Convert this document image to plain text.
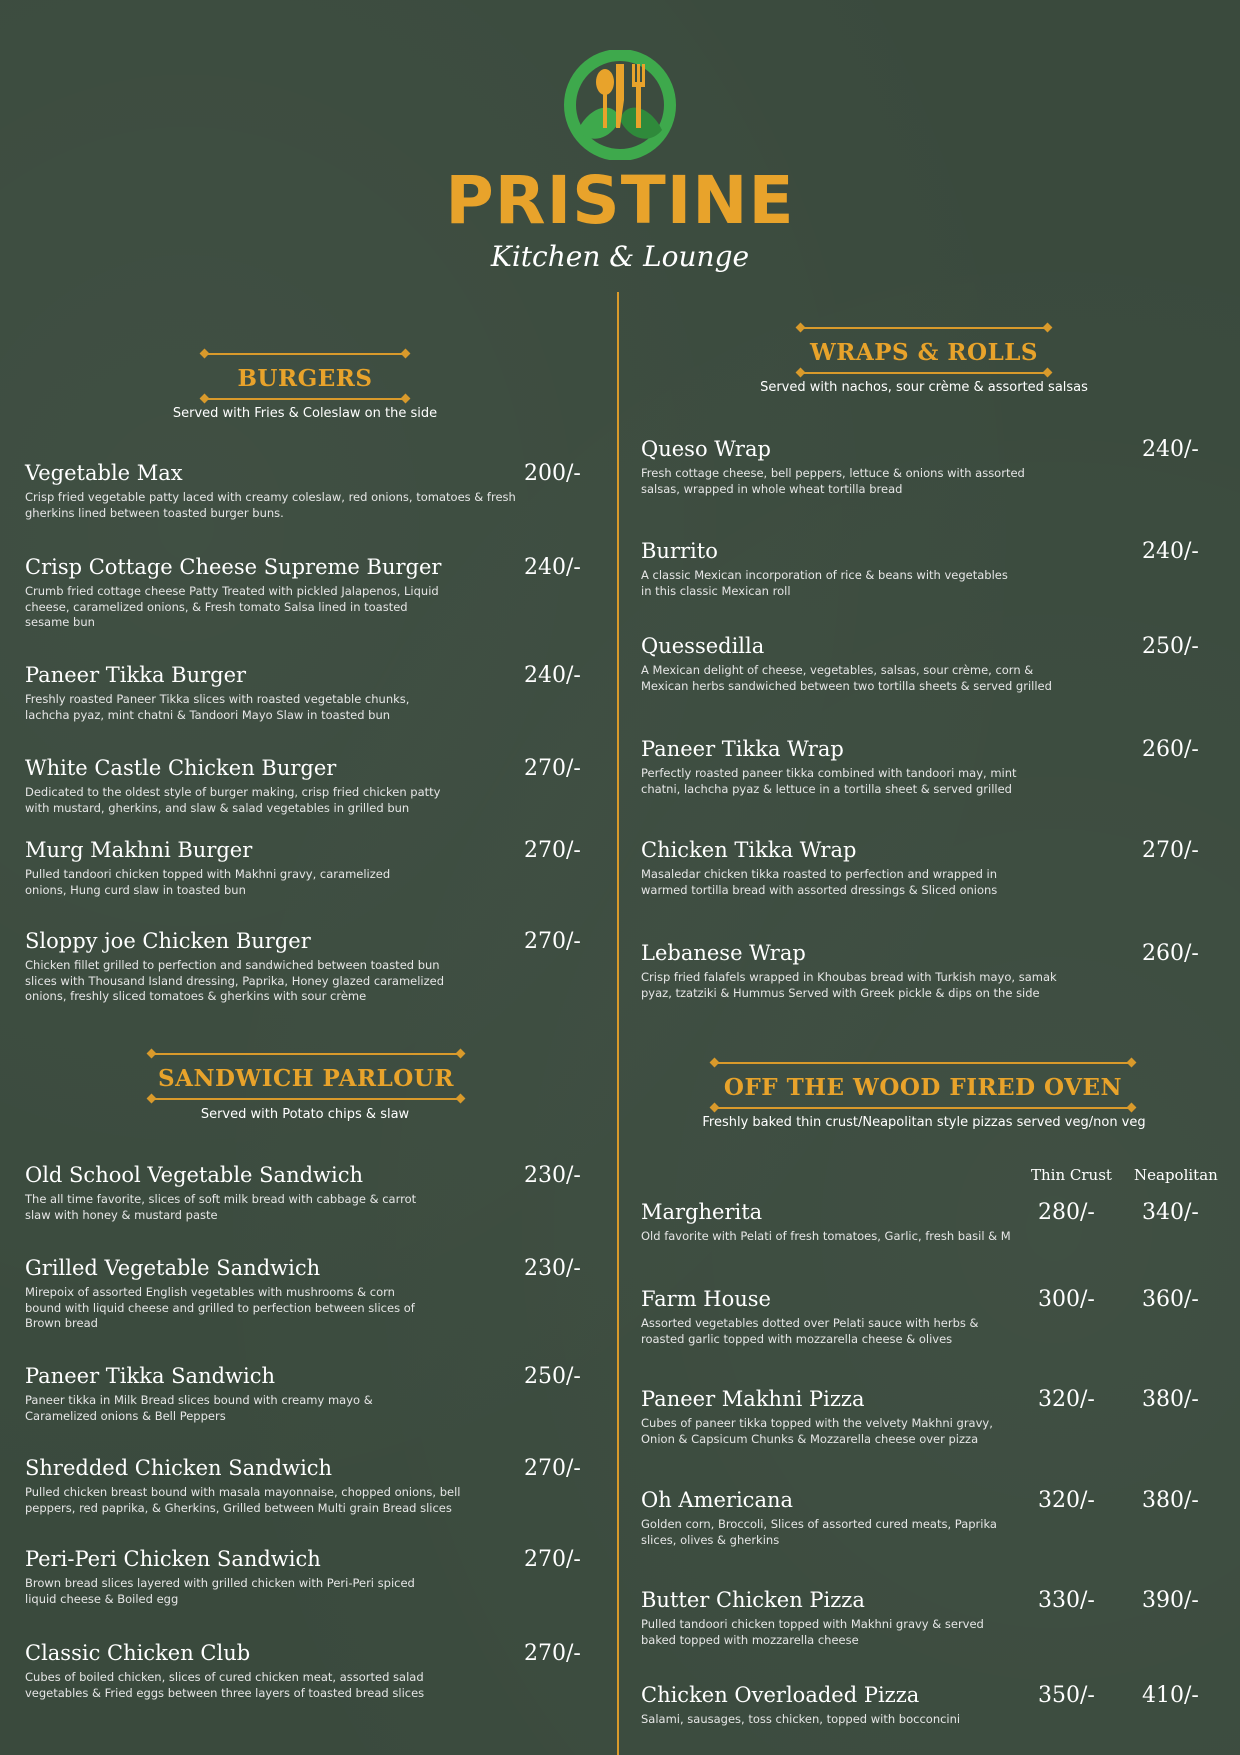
PRISTINE
Kitchen & Lounge
BURGERS
Served with Fries & Coleslaw on the side
Vegetable Max
Crisp fried vegetable patty laced with creamy coleslaw, red onions, tomatoes & fresh gherkins lined between toasted burger buns.
200/-
Crisp Cottage Cheese Supreme Burger
Crumb fried cottage cheese Patty Treated with pickled Jalapenos, Liquid cheese, caramelized onions, & Fresh tomato Salsa lined in toasted sesame bun
240/-
Paneer Tikka Burger
Freshly roasted Paneer Tikka slices with roasted vegetable chunks, lachcha pyaz, mint chatni & Tandoori Mayo Slaw in toasted bun
240/-
White Castle Chicken Burger
Dedicated to the oldest style of burger making, crisp fried chicken patty with mustard, gherkins, and slaw & salad vegetables in grilled bun
270/-
Murg Makhni Burger
Pulled tandoori chicken topped with Makhni gravy, caramelized onions, Hung curd slaw in toasted bun
270/-
Sloppy joe Chicken Burger
Chicken fillet grilled to perfection and sandwiched between toasted bun slices with Thousand Island dressing, Paprika, Honey glazed caramelized onions, freshly sliced tomatoes & gherkins with sour crème
270/-
SANDWICH PARLOUR
Served with Potato chips & slaw
Old School Vegetable Sandwich
The all time favorite, slices of soft milk bread with cabbage & carrot slaw with honey & mustard paste
230/-
Grilled Vegetable Sandwich
Mirepoix of assorted English vegetables with mushrooms & corn bound with liquid cheese and grilled to perfection between slices of Brown bread
230/-
Paneer Tikka Sandwich
Paneer tikka in Milk Bread slices bound with creamy mayo & Caramelized onions & Bell Peppers
250/-
Shredded Chicken Sandwich
Pulled chicken breast bound with masala mayonnaise, chopped onions, bell peppers, red paprika, & Gherkins, Grilled between Multi grain Bread slices
270/-
Peri-Peri Chicken Sandwich
Brown bread slices layered with grilled chicken with Peri-Peri spiced liquid cheese & Boiled egg
270/-
Classic Chicken Club
Cubes of boiled chicken, slices of cured chicken meat, assorted salad vegetables & Fried eggs between three layers of toasted bread slices
270/-
WRAPS & ROLLS
Served with nachos, sour crème & assorted salsas
Queso Wrap
Fresh cottage cheese, bell peppers, lettuce & onions with assorted salsas, wrapped in whole wheat tortilla bread
240/-
Burrito
A classic Mexican incorporation of rice & beans with vegetables in this classic Mexican roll
240/-
Quessedilla
A Mexican delight of cheese, vegetables, salsas, sour crème, corn & Mexican herbs sandwiched between two tortilla sheets & served grilled
250/-
Paneer Tikka Wrap
Perfectly roasted paneer tikka combined with tandoori may, mint chatni, lachcha pyaz & lettuce in a tortilla sheet & served grilled
260/-
Chicken Tikka Wrap
Masaledar chicken tikka roasted to perfection and wrapped in warmed tortilla bread with assorted dressings & Sliced onions
270/-
Lebanese Wrap
Crisp fried falafels wrapped in Khoubas bread with Turkish mayo, samak pyaz, tzatziki & Hummus Served with Greek pickle & dips on the side
260/-
OFF THE WOOD FIRED OVEN
Freshly baked thin crust/Neapolitan style pizzas served veg/non veg
Thin Crust Neapolitan
Margherita
Old favorite with Pelati of fresh tomatoes, Garlic, fresh basil & M
280/- 340/-
Farm House
Assorted vegetables dotted over Pelati sauce with herbs & roasted garlic topped with mozzarella cheese & olives
300/- 360/-
Paneer Makhni Pizza
Cubes of paneer tikka topped with the velvety Makhni gravy, Onion & Capsicum Chunks & Mozzarella cheese over pizza
320/- 380/-
Oh Americana
Golden corn, Broccoli, Slices of assorted cured meats, Paprika slices, olives & gherkins
320/- 380/-
Butter Chicken Pizza
Pulled tandoori chicken topped with Makhni gravy & served baked topped with mozzarella cheese
330/- 390/-
Chicken Overloaded Pizza
Salami, sausages, toss chicken, topped with bocconcini
350/- 410/-
